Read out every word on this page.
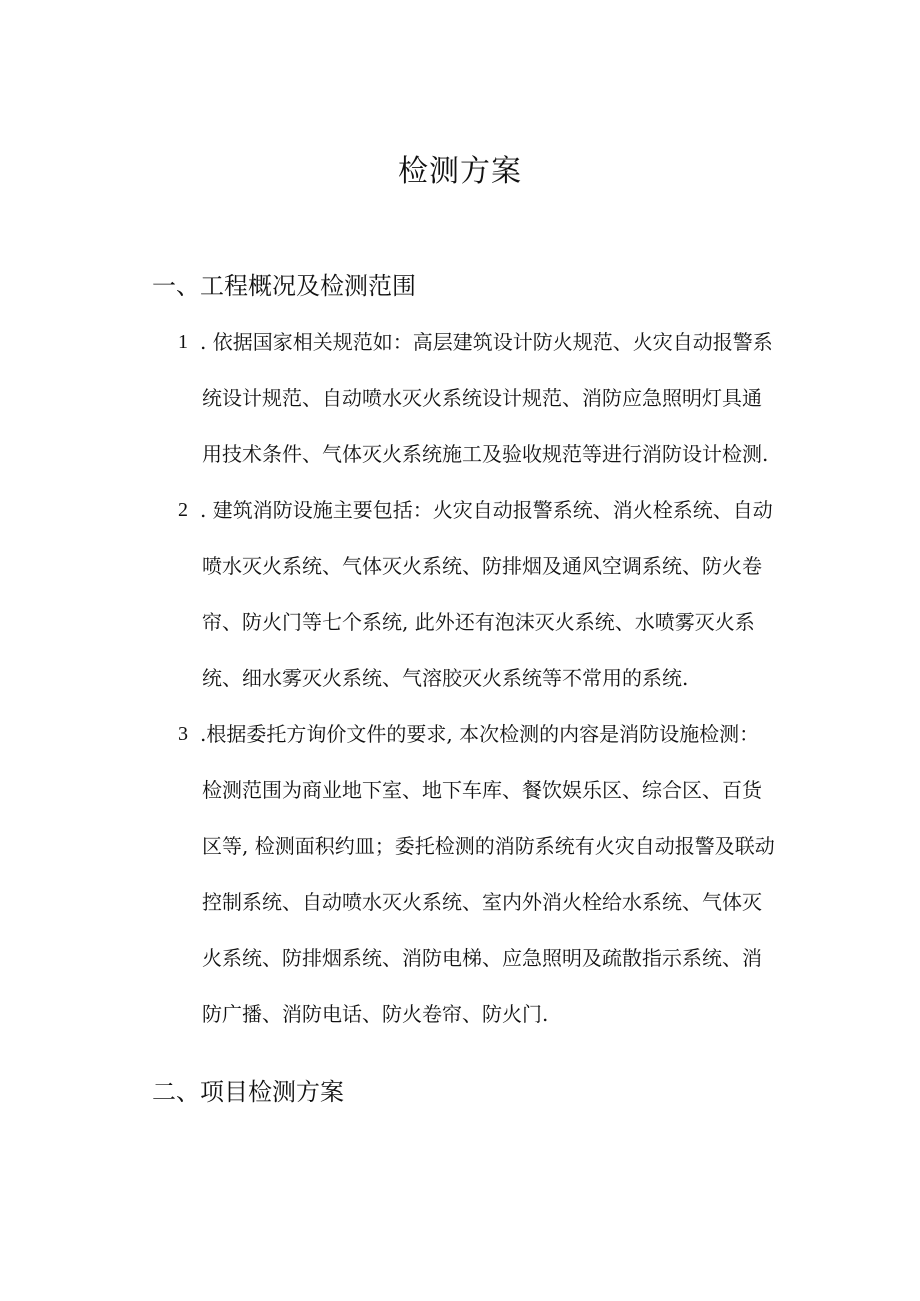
检测方案
一、工程概况及检测范围
1 . 依据国家相关规范如：高层建筑设计防火规范、火灾自动报警系
统设计规范、自动喷水灭火系统设计规范、消防应急照明灯具通
用技术条件、气体灭火系统施工及验收规范等进行消防设计检测.
2 . 建筑消防设施主要包括：火灾自动报警系统、消火栓系统、自动
喷水灭火系统、气体灭火系统、防排烟及通风空调系统、防火卷
帘、防火门等七个系统, 此外还有泡沫灭火系统、水喷雾灭火系
统、细水雾灭火系统、气溶胶灭火系统等不常用的系统.
3 .根据委托方询价文件的要求, 本次检测的内容是消防设施检测：
检测范围为商业地下室、地下车库、餐饮娱乐区、综合区、百货
区等, 检测面积约皿；委托检测的消防系统有火灾自动报警及联动
控制系统、自动喷水灭火系统、室内外消火栓给水系统、气体灭
火系统、防排烟系统、消防电梯、应急照明及疏散指示系统、消
防广播、消防电话、防火卷帘、防火门.
二、项目检测方案
